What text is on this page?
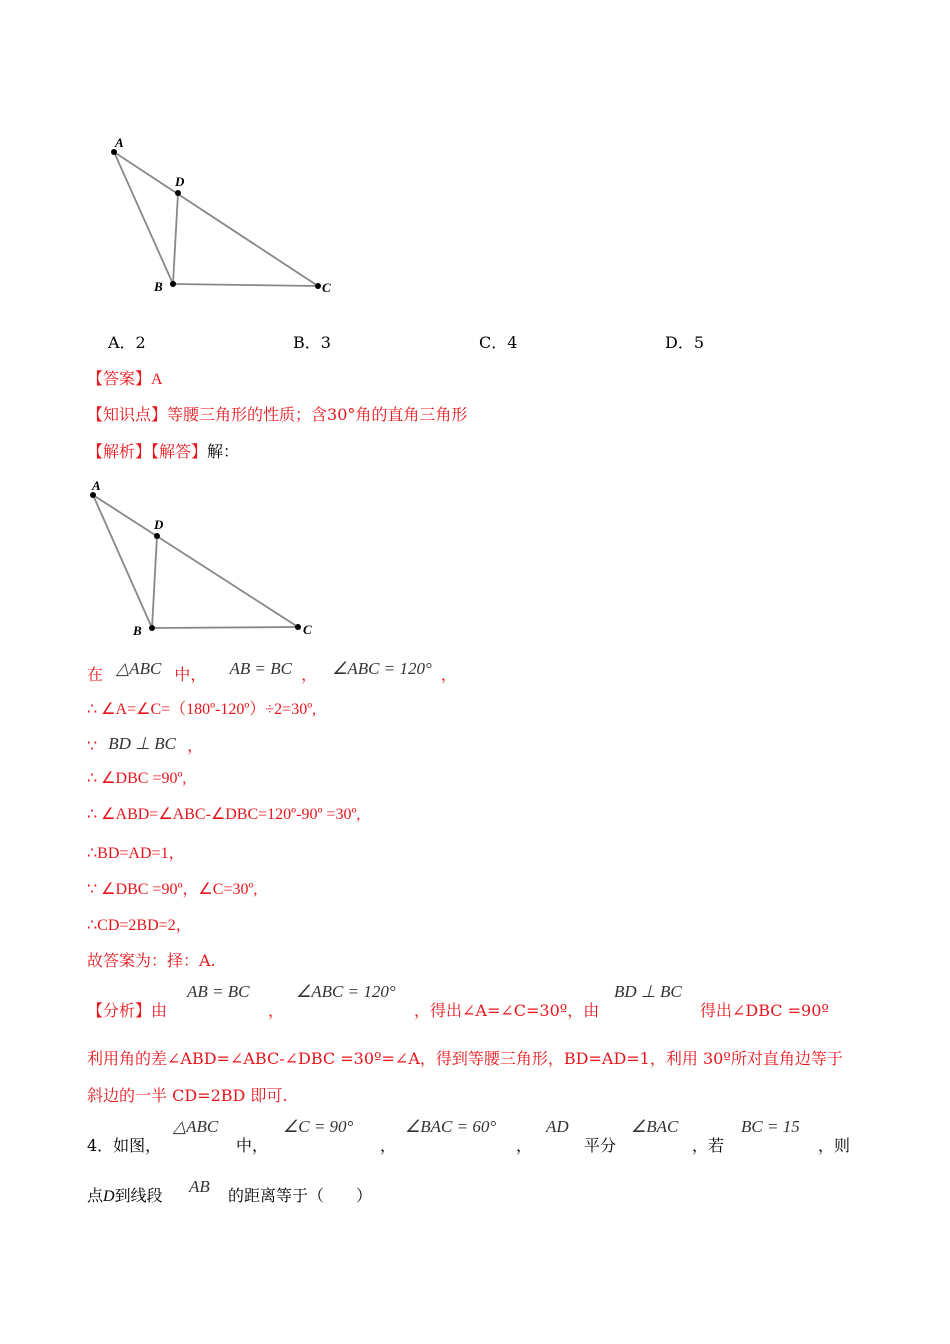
A
D
B	C
A．2	B．3	C．4	D．5
【答案】A
【知识点】等腰三角形的性质；含30°角的直角三角形
【解析】【解答】解：
A
D
B	C
在 △ABC 中， AB = BC ， ∠ABC = 120° ，
∴ ∠A=∠C=（180º-120º）÷2=30º,
∵ BD ⊥ BC ，
∴ ∠DBC =90º,
∴ ∠ABD=∠ABC-∠DBC=120º-90º =30º,
∴BD=AD=1，
∵ ∠DBC =90º，∠C=30º,
∴CD=2BD=2，
故答案为：择：A.
【分析】由
AB = BC
，
∠ABC = 120°
，得出∠A=∠C=30º，由
BD ⊥ BC
得出∠DBC =90º
利用角的差∠ABD=∠ABC-∠DBC =30º=∠A，得到等腰三角形，BD=AD=1，利用 30º所对直角边等于
斜边的一半 CD=2BD 即可.
4．如图，
△ABC
中，
∠C = 90°
，
∠BAC = 60°
，
AD
平分
∠BAC
，若
BC = 15
，则
点D到线段 AB 的距离等于（　　）
